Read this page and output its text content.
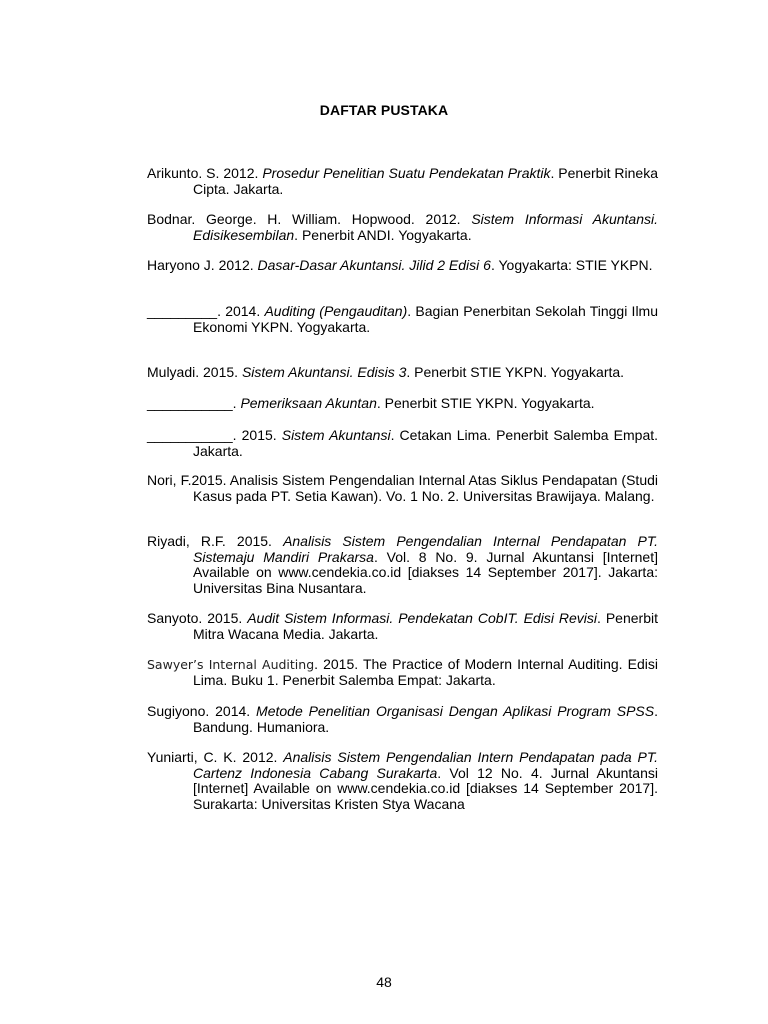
DAFTAR PUSTAKA
Arikunto. S. 2012. Prosedur Penelitian Suatu Pendekatan Praktik. Penerbit Rineka Cipta. Jakarta.
Bodnar. George. H. William. Hopwood. 2012. Sistem Informasi Akuntansi. Edisikesembilan. Penerbit ANDI. Yogyakarta.
Haryono J. 2012. Dasar-Dasar Akuntansi. Jilid 2 Edisi 6. Yogyakarta: STIE YKPN.
_________. 2014. Auditing (Pengauditan). Bagian Penerbitan Sekolah Tinggi Ilmu Ekonomi YKPN. Yogyakarta.
Mulyadi. 2015. Sistem Akuntansi. Edisis 3. Penerbit STIE YKPN. Yogyakarta.
___________. Pemeriksaan Akuntan. Penerbit STIE YKPN. Yogyakarta.
___________. 2015. Sistem Akuntansi. Cetakan Lima. Penerbit Salemba Empat. Jakarta.
Nori, F.2015. Analisis Sistem Pengendalian Internal Atas Siklus Pendapatan (Studi Kasus pada PT. Setia Kawan). Vo. 1 No. 2. Universitas Brawijaya. Malang.
Riyadi, R.F. 2015. Analisis Sistem Pengendalian Internal Pendapatan PT. Sistemaju Mandiri Prakarsa. Vol. 8 No. 9. Jurnal Akuntansi [Internet] Available on www.cendekia.co.id [diakses 14 September 2017]. Jakarta: Universitas Bina Nusantara.
Sanyoto. 2015. Audit Sistem Informasi. Pendekatan CobIT. Edisi Revisi. Penerbit Mitra Wacana Media. Jakarta.
Sawyer’s Internal Auditing. 2015. The Practice of Modern Internal Auditing. Edisi Lima. Buku 1. Penerbit Salemba Empat: Jakarta.
Sugiyono. 2014. Metode Penelitian Organisasi Dengan Aplikasi Program SPSS. Bandung. Humaniora.
Yuniarti, C. K. 2012. Analisis Sistem Pengendalian Intern Pendapatan pada PT. Cartenz Indonesia Cabang Surakarta. Vol 12 No. 4. Jurnal Akuntansi [Internet] Available on www.cendekia.co.id [diakses 14 September 2017]. Surakarta: Universitas Kristen Stya Wacana
48
